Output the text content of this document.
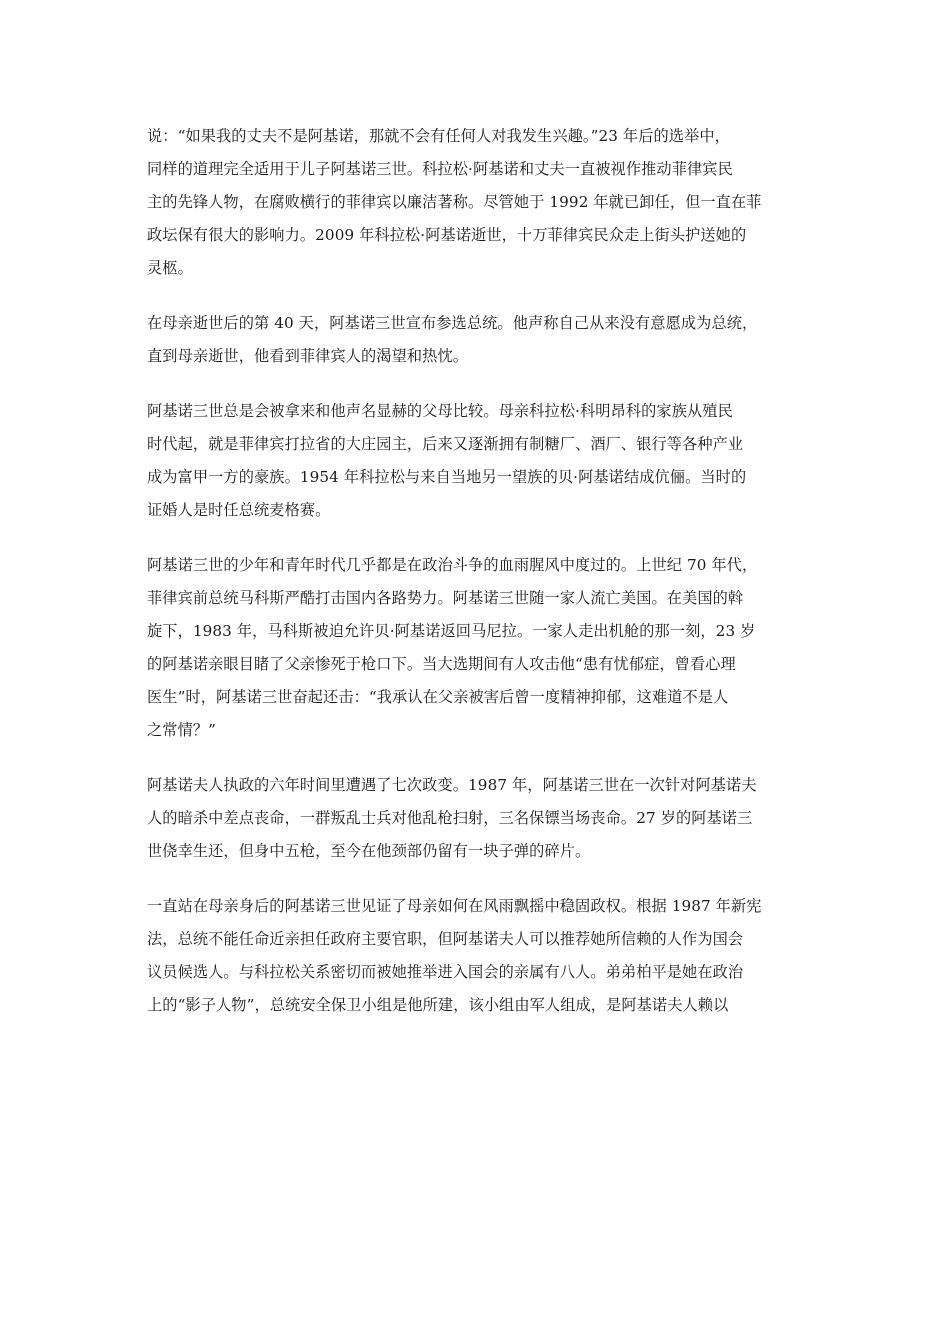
说：“如果我的丈夫不是阿基诺，那就不会有任何人对我发生兴趣。”23 年后的选举中，
同样的道理完全适用于儿子阿基诺三世。科拉松·阿基诺和丈夫一直被视作推动菲律宾民
主的先锋人物，在腐败横行的菲律宾以廉洁著称。尽管她于 1992 年就已卸任，但一直在菲
政坛保有很大的影响力。2009 年科拉松·阿基诺逝世，十万菲律宾民众走上街头护送她的
灵柩。

在母亲逝世后的第 40 天，阿基诺三世宣布参选总统。他声称自己从来没有意愿成为总统，
直到母亲逝世，他看到菲律宾人的渴望和热忱。

阿基诺三世总是会被拿来和他声名显赫的父母比较。母亲科拉松·科明昂科的家族从殖民
时代起，就是菲律宾打拉省的大庄园主，后来又逐渐拥有制糖厂、酒厂、银行等各种产业
成为富甲一方的豪族。1954 年科拉松与来自当地另一望族的贝·阿基诺结成伉俪。当时的
证婚人是时任总统麦格赛。

阿基诺三世的少年和青年时代几乎都是在政治斗争的血雨腥风中度过的。上世纪 70 年代，
菲律宾前总统马科斯严酷打击国内各路势力。阿基诺三世随一家人流亡美国。在美国的斡
旋下，1983 年，马科斯被迫允许贝·阿基诺返回马尼拉。一家人走出机舱的那一刻，23 岁
的阿基诺亲眼目睹了父亲惨死于枪口下。当大选期间有人攻击他“患有忧郁症，曾看心理
医生”时，阿基诺三世奋起还击：“我承认在父亲被害后曾一度精神抑郁，这难道不是人
之常情？”

阿基诺夫人执政的六年时间里遭遇了七次政变。1987 年，阿基诺三世在一次针对阿基诺夫
人的暗杀中差点丧命，一群叛乱士兵对他乱枪扫射，三名保镖当场丧命。27 岁的阿基诺三
世侥幸生还，但身中五枪，至今在他颈部仍留有一块子弹的碎片。

一直站在母亲身后的阿基诺三世见证了母亲如何在风雨飘摇中稳固政权。根据 1987 年新宪
法，总统不能任命近亲担任政府主要官职，但阿基诺夫人可以推荐她所信赖的人作为国会
议员候选人。与科拉松关系密切而被她推举进入国会的亲属有八人。弟弟柏平是她在政治
上的“影子人物”，总统安全保卫小组是他所建，该小组由军人组成，是阿基诺夫人赖以
